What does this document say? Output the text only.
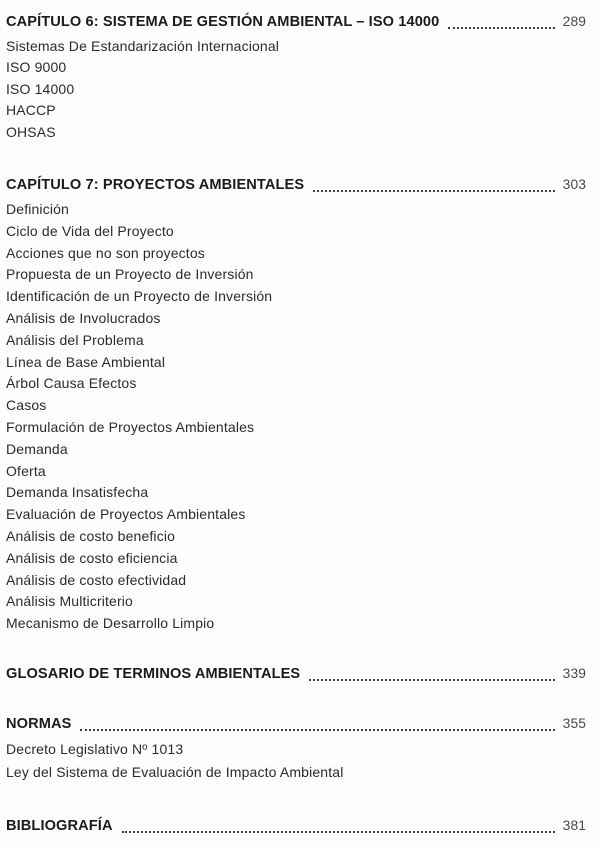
CAPÍTULO 6: SISTEMA DE GESTIÓN AMBIENTAL – ISO 14000	289
Sistemas De Estandarización Internacional
ISO 9000
ISO 14000
HACCP
OHSAS
CAPÍTULO 7: PROYECTOS AMBIENTALES	303
Definición
Ciclo de Vida del Proyecto
Acciones que no son proyectos
Propuesta de un Proyecto de Inversión
Identificación de un Proyecto de Inversión
Análisis de Involucrados
Análisis del Problema
Línea de Base Ambiental
Árbol Causa Efectos
Casos
Formulación de Proyectos Ambientales
Demanda
Oferta
Demanda Insatisfecha
Evaluación de Proyectos Ambientales
Análisis de costo beneficio
Análisis de costo eficiencia
Análisis de costo efectividad
Análisis Multicriterio
Mecanismo de Desarrollo Limpio
GLOSARIO DE TERMINOS AMBIENTALES	339
NORMAS	355
Decreto Legislativo Nº 1013
Ley del Sistema de Evaluación de Impacto Ambiental
BIBLIOGRAFÍA	381
